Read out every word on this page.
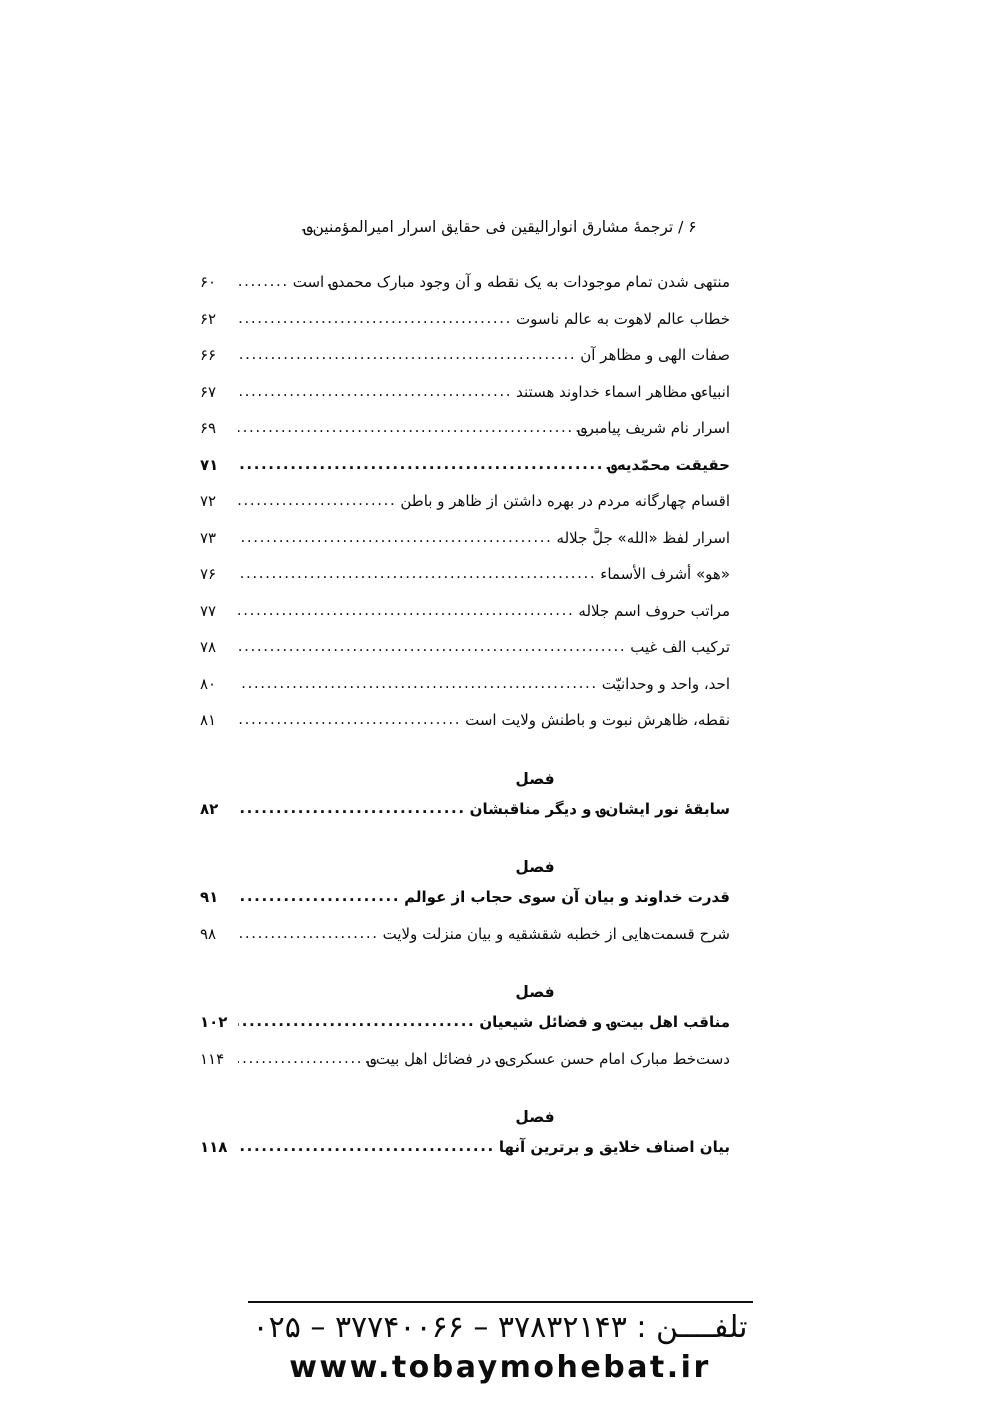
۶ / ترجمهٔ مشارق انوارالیقین فی حقایق اسرار امیرالمؤمنین؈
منتهی شدن تمام موجودات به یک نقطه و آن وجود مبارک محمد؈ است
.....
۶۰
خطاب عالم لاهوت به عالم ناسوت
.....
۶۲
صفات الهی و مظاهر آن
.....
۶۶
انبیاء؈ مظاهر اسماء خداوند هستند
.....
۶۷
اسرار نام شریف پیامبر؈
.....
۶۹
حقیقت محمّدیه؈
.....
۷۱
اقسام چهارگانه مردم در بهره داشتن از ظاهر و باطن
.....
۷۲
اسرار لفظ «الله» جلَّ جلاله
.....
۷۳
«هو» أشرف الأسماء
.....
۷۶
مراتب حروف اسم جلاله
.....
۷۷
ترکیب الف غیب
.....
۷۸
احد، واحد و وحدانیّت
.....
۸۰
نقطه، ظاهرش نبوت و باطنش ولایت است
.....
۸۱
فصل
سابقهٔ نور ایشان؈ و دیگر مناقبشان
.....
۸۲
فصل
قدرت خداوند و بیان آن سوی حجاب از عوالم
.....
۹۱
شرح قسمت‌هایی از خطبه شقشقیه و بیان منزلت ولایت
.....
۹۸
فصل
مناقب اهل بیت؈ و فضائل شیعیان
.....
۱۰۲
دست‌خط مبارک امام حسن عسکری؈ در فضائل اهل بیت؈
.....
۱۱۴
فصل
بیان اصناف خلایق و برترین آنها
.....
۱۱۸
تلفــــن : ۰۲۵ – ۳۷۷۴۰۰۶۶ – ۳۷۸۳۲۱۴۳
www.tobaymohebat.ir
